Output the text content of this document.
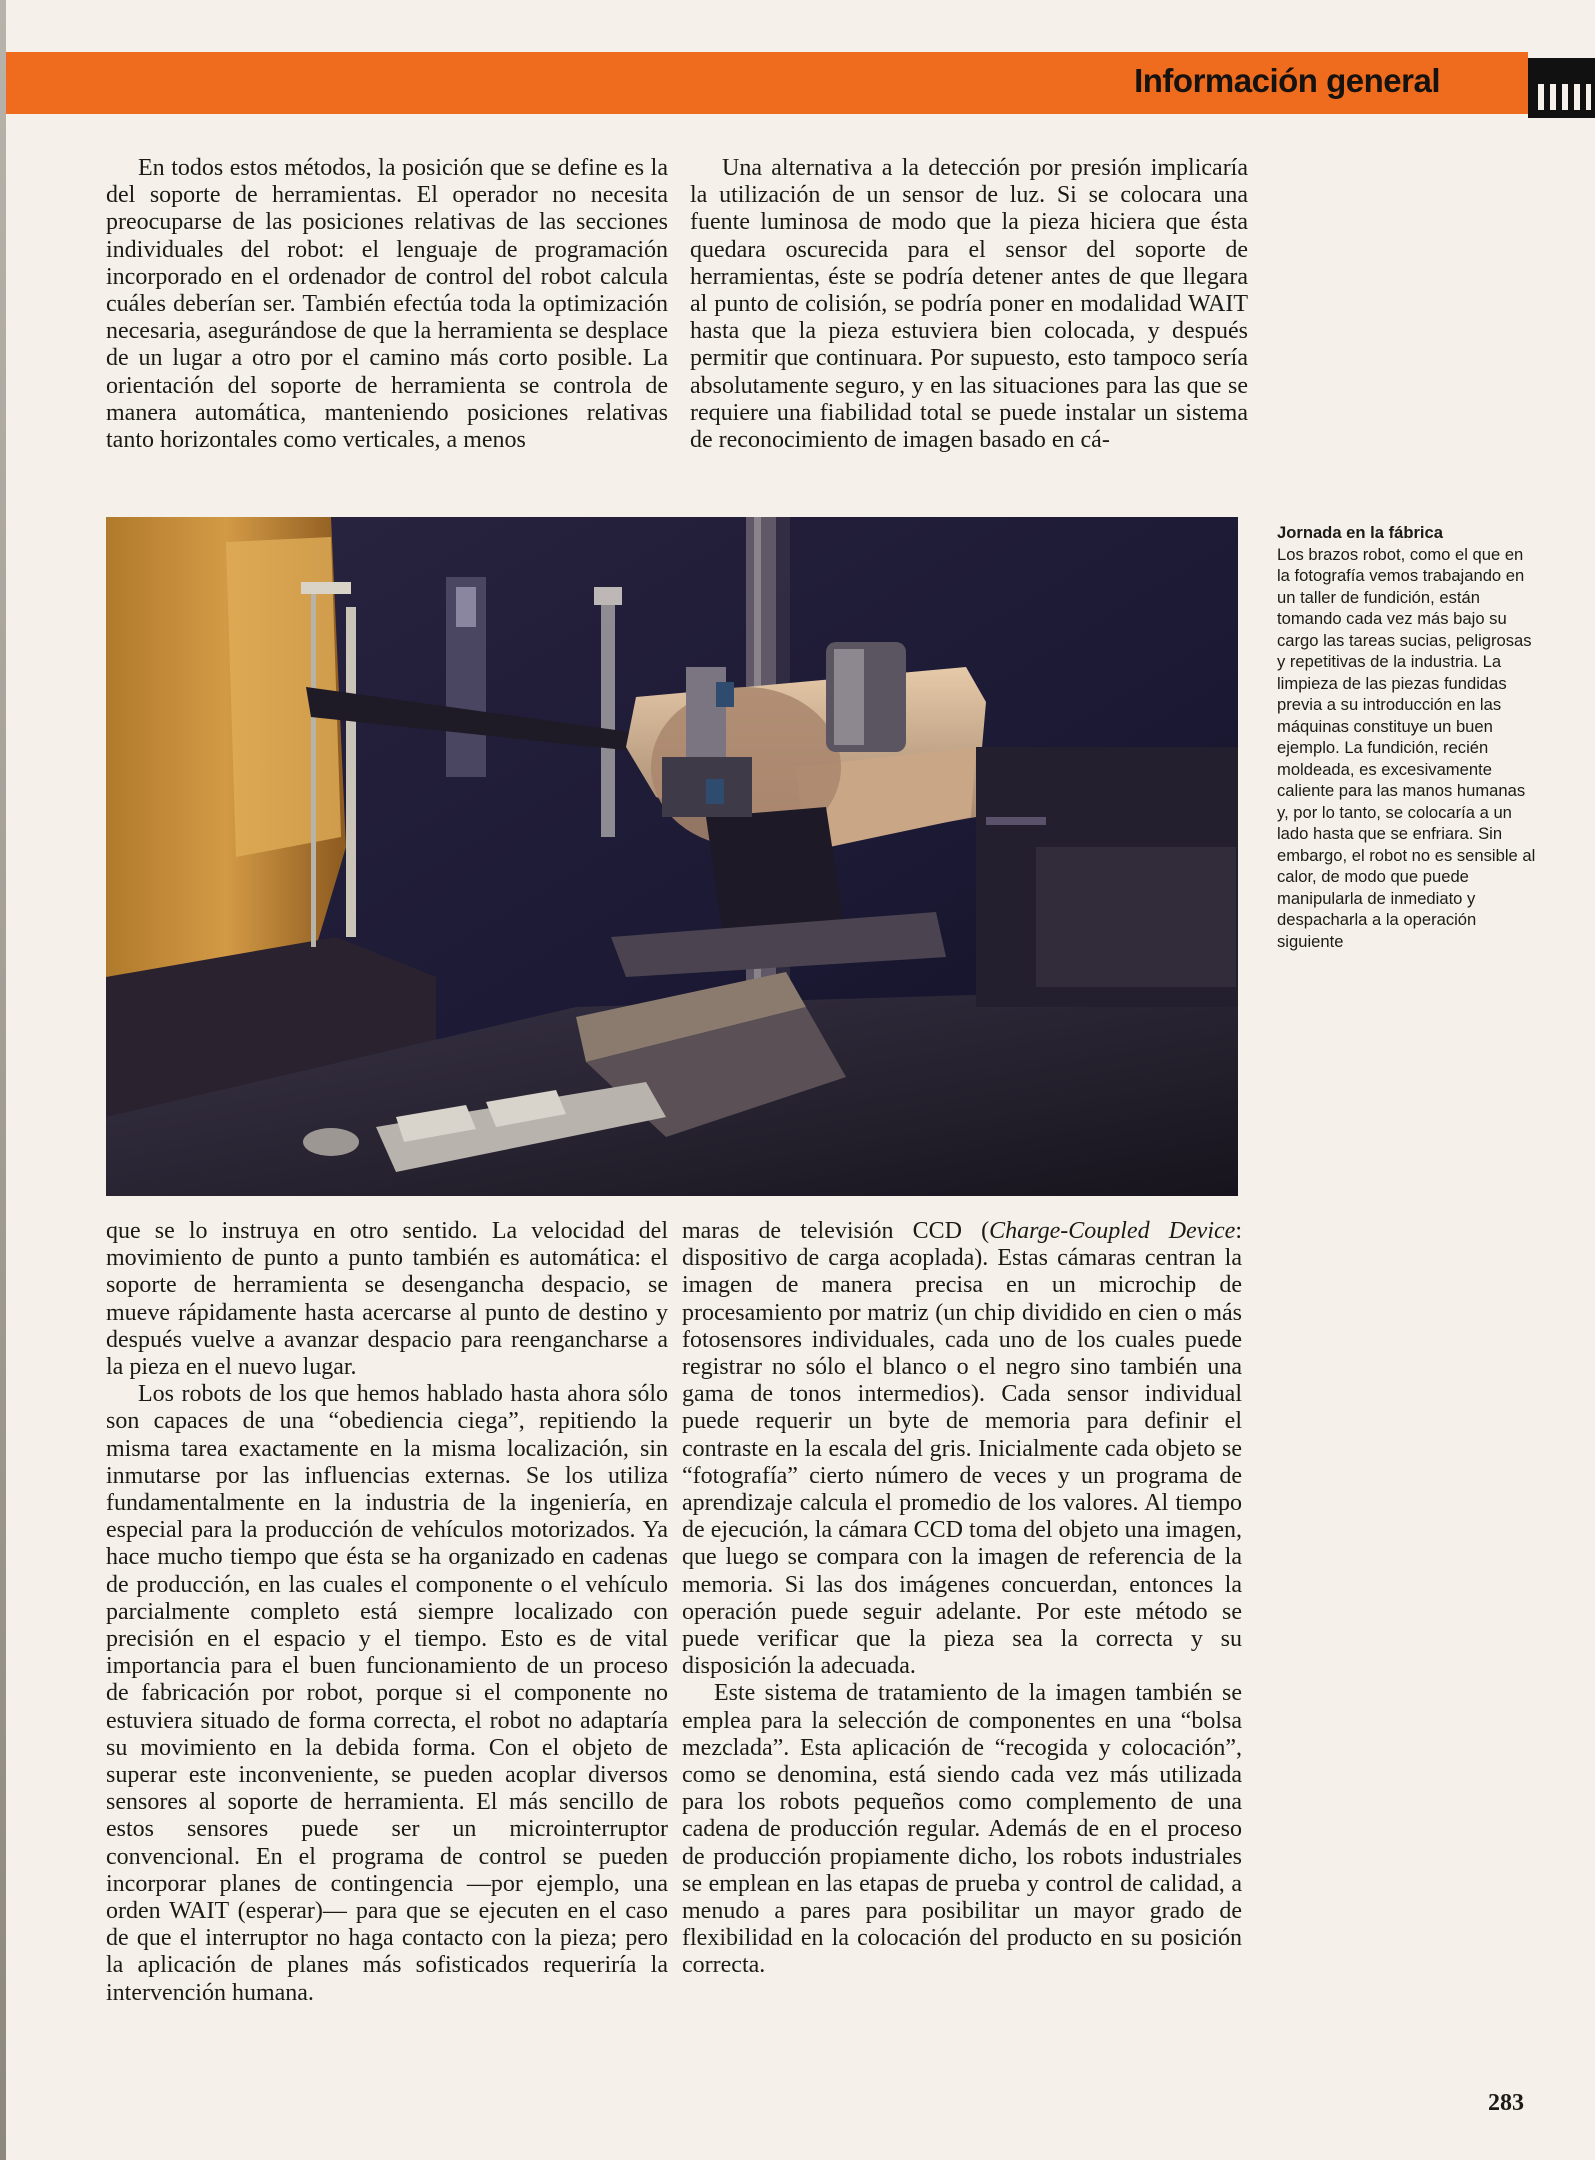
Información general

En todos estos métodos, la posición que se define es la del soporte de herramientas. El operador no necesita preocuparse de las posiciones relativas de las secciones individuales del robot: el lenguaje de programación incorporado en el ordenador de control del robot calcula cuáles deberían ser. También efectúa toda la optimización necesaria, asegurándose de que la herramienta se desplace de un lugar a otro por el camino más corto posible. La orientación del soporte de herramienta se controla de manera automática, manteniendo posiciones relativas tanto horizontales como verticales, a menos

Una alternativa a la detección por presión implicaría la utilización de un sensor de luz. Si se colocara una fuente luminosa de modo que la pieza hiciera que ésta quedara oscurecida para el sensor del soporte de herramientas, éste se podría detener antes de que llegara al punto de colisión, se podría poner en modalidad WAIT hasta que la pieza estuviera bien colocada, y después permitir que continuara. Por supuesto, esto tampoco sería absolutamente seguro, y en las situaciones para las que se requiere una fiabilidad total se puede instalar un sistema de reconocimiento de imagen basado en cá-

Jornada en la fábrica
Los brazos robot, como el que en la fotografía vemos trabajando en un taller de fundición, están tomando cada vez más bajo su cargo las tareas sucias, peligrosas y repetitivas de la industria. La limpieza de las piezas fundidas previa a su introducción en las máquinas constituye un buen ejemplo. La fundición, recién moldeada, es excesivamente caliente para las manos humanas y, por lo tanto, se colocaría a un lado hasta que se enfriara. Sin embargo, el robot no es sensible al calor, de modo que puede manipularla de inmediato y despacharla a la operación siguiente

que se lo instruya en otro sentido. La velocidad del movimiento de punto a punto también es automática: el soporte de herramienta se desengancha despacio, se mueve rápidamente hasta acercarse al punto de destino y después vuelve a avanzar despacio para reengancharse a la pieza en el nuevo lugar.

Los robots de los que hemos hablado hasta ahora sólo son capaces de una “obediencia ciega”, repitiendo la misma tarea exactamente en la misma localización, sin inmutarse por las influencias externas. Se los utiliza fundamentalmente en la industria de la ingeniería, en especial para la producción de vehículos motorizados. Ya hace mucho tiempo que ésta se ha organizado en cadenas de producción, en las cuales el componente o el vehículo parcialmente completo está siempre localizado con precisión en el espacio y el tiempo. Esto es de vital importancia para el buen funcionamiento de un proceso de fabricación por robot, porque si el componente no estuviera situado de forma correcta, el robot no adaptaría su movimiento en la debida forma. Con el objeto de superar este inconveniente, se pueden acoplar diversos sensores al soporte de herramienta. El más sencillo de estos sensores puede ser un microinterruptor convencional. En el programa de control se pueden incorporar planes de contingencia —por ejemplo, una orden WAIT (esperar)— para que se ejecuten en el caso de que el interruptor no haga contacto con la pieza; pero la aplicación de planes más sofisticados requeriría la intervención humana.

maras de televisión CCD (Charge-Coupled Device: dispositivo de carga acoplada). Estas cámaras centran la imagen de manera precisa en un microchip de procesamiento por matriz (un chip dividido en cien o más fotosensores individuales, cada uno de los cuales puede registrar no sólo el blanco o el negro sino también una gama de tonos intermedios). Cada sensor individual puede requerir un byte de memoria para definir el contraste en la escala del gris. Inicialmente cada objeto se “fotografía” cierto número de veces y un programa de aprendizaje calcula el promedio de los valores. Al tiempo de ejecución, la cámara CCD toma del objeto una imagen, que luego se compara con la imagen de referencia de la memoria. Si las dos imágenes concuerdan, entonces la operación puede seguir adelante. Por este método se puede verificar que la pieza sea la correcta y su disposición la adecuada.

Este sistema de tratamiento de la imagen también se emplea para la selección de componentes en una “bolsa mezclada”. Esta aplicación de “recogida y colocación”, como se denomina, está siendo cada vez más utilizada para los robots pequeños como complemento de una cadena de producción regular. Además de en el proceso de producción propiamente dicho, los robots industriales se emplean en las etapas de prueba y control de calidad, a menudo a pares para posibilitar un mayor grado de flexibilidad en la colocación del producto en su posición correcta.

283
